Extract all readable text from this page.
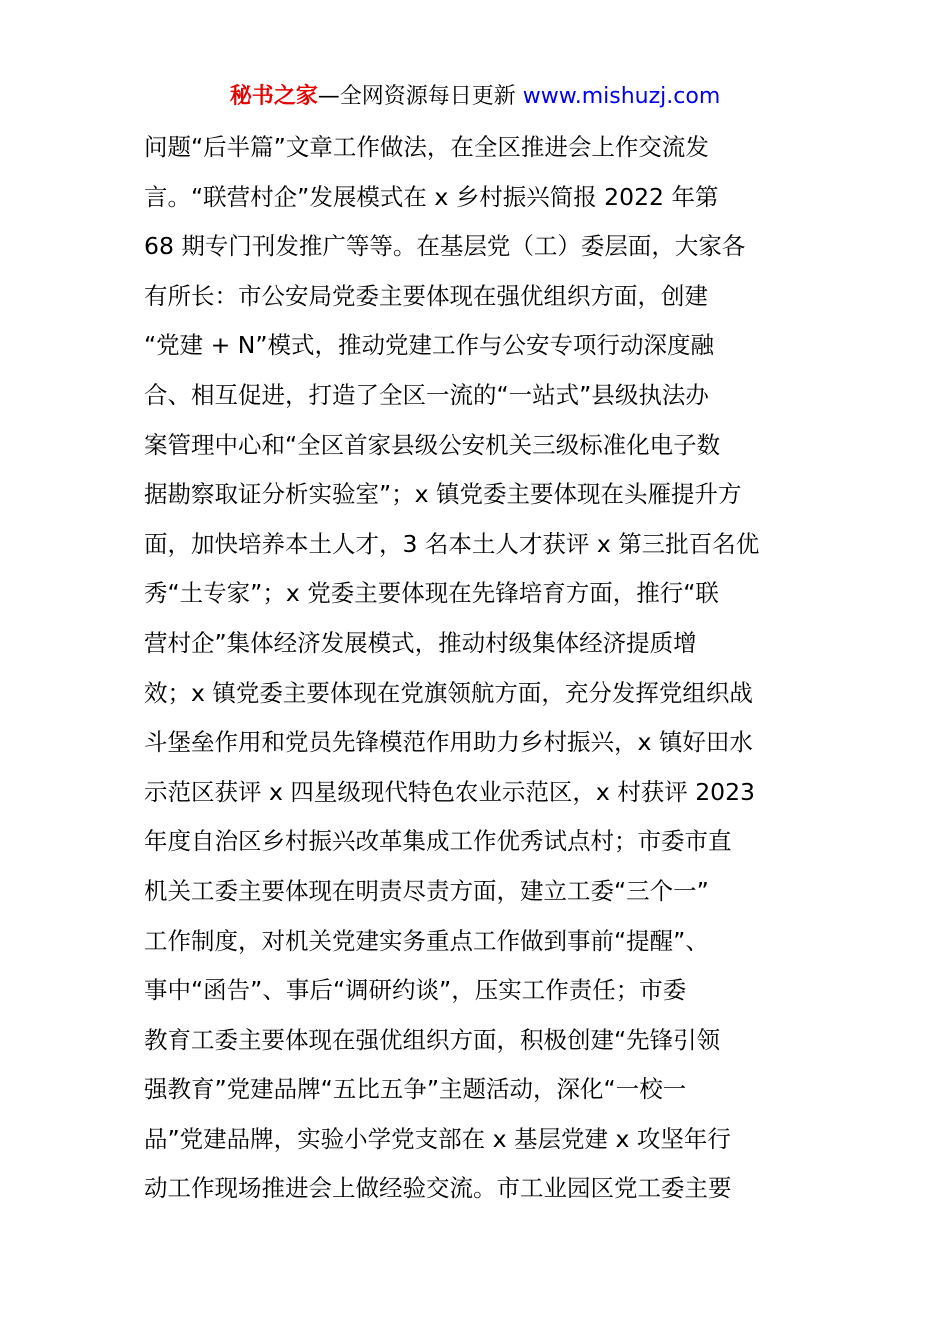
秘书之家—全网资源每日更新 www.mishuzj.com
问题“后半篇”文章工作做法，在全区推进会上作交流发
言。“联营村企”发展模式在 x 乡村振兴简报 2022 年第
68 期专门刊发推广等等。在基层党（工）委层面，大家各
有所长：市公安局党委主要体现在强优组织方面，创建
“党建 + N”模式，推动党建工作与公安专项行动深度融
合、相互促进，打造了全区一流的“一站式”县级执法办
案管理中心和“全区首家县级公安机关三级标准化电子数
据勘察取证分析实验室”；x 镇党委主要体现在头雁提升方
面，加快培养本土人才，3 名本土人才获评 x 第三批百名优
秀“土专家”；x 党委主要体现在先锋培育方面，推行“联
营村企”集体经济发展模式，推动村级集体经济提质增
效；x 镇党委主要体现在党旗领航方面，充分发挥党组织战
斗堡垒作用和党员先锋模范作用助力乡村振兴，x 镇好田水
示范区获评 x 四星级现代特色农业示范区，x 村获评 2023
年度自治区乡村振兴改革集成工作优秀试点村；市委市直
机关工委主要体现在明责尽责方面，建立工委“三个一”
工作制度，对机关党建实务重点工作做到事前“提醒”、
事中“函告”、事后“调研约谈”，压实工作责任；市委
教育工委主要体现在强优组织方面，积极创建“先锋引领
强教育”党建品牌“五比五争”主题活动，深化“一校一
品”党建品牌，实验小学党支部在 x 基层党建 x 攻坚年行
动工作现场推进会上做经验交流。市工业园区党工委主要
